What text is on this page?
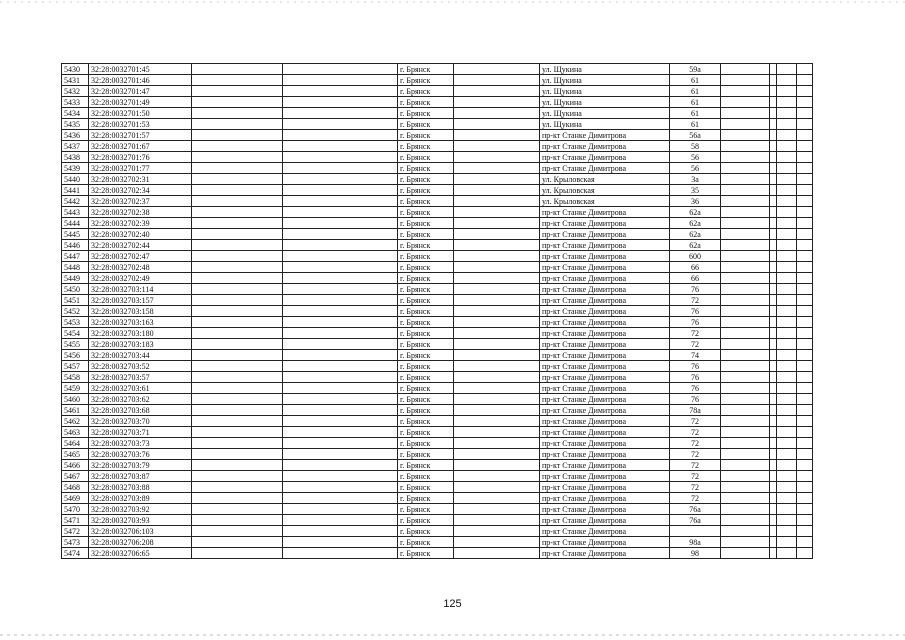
5430	32:28:0032701:45			г. Брянск		ул. Щукина	59а				
5431	32:28:0032701:46			г. Брянск		ул. Щукина	61				
5432	32:28:0032701:47			г. Брянск		ул. Щукина	61				
5433	32:28:0032701:49			г. Брянск		ул. Щукина	61				
5434	32:28:0032701:50			г. Брянск		ул. Щукина	61				
5435	32:28:0032701:53			г. Брянск		ул. Щукина	61				
5436	32:28:0032701:57			г. Брянск		пр-кт Станке Димитрова	56а				
5437	32:28:0032701:67			г. Брянск		пр-кт Станке Димитрова	58				
5438	32:28:0032701:76			г. Брянск		пр-кт Станке Димитрова	56				
5439	32:28:0032701:77			г. Брянск		пр-кт Станке Димитрова	56				
5440	32:28:0032702:31			г. Брянск		ул. Крыловская	3а				
5441	32:28:0032702:34			г. Брянск		ул. Крыловская	35				
5442	32:28:0032702:37			г. Брянск		ул. Крыловская	36				
5443	32:28:0032702:38			г. Брянск		пр-кт Станке Димитрова	62а				
5444	32:28:0032702:39			г. Брянск		пр-кт Станке Димитрова	62а				
5445	32:28:0032702:40			г. Брянск		пр-кт Станке Димитрова	62а				
5446	32:28:0032702:44			г. Брянск		пр-кт Станке Димитрова	62а				
5447	32:28:0032702:47			г. Брянск		пр-кт Станке Димитрова	600				
5448	32:28:0032702:48			г. Брянск		пр-кт Станке Димитрова	66				
5449	32:28:0032702:49			г. Брянск		пр-кт Станке Димитрова	66				
5450	32:28:0032703:114			г. Брянск		пр-кт Станке Димитрова	76				
5451	32:28:0032703:157			г. Брянск		пр-кт Станке Димитрова	72				
5452	32:28:0032703:158			г. Брянск		пр-кт Станке Димитрова	76				
5453	32:28:0032703:163			г. Брянск		пр-кт Станке Димитрова	76				
5454	32:28:0032703:180			г. Брянск		пр-кт Станке Димитрова	72				
5455	32:28:0032703:183			г. Брянск		пр-кт Станке Димитрова	72				
5456	32:28:0032703:44			г. Брянск		пр-кт Станке Димитрова	74				
5457	32:28:0032703:52			г. Брянск		пр-кт Станке Димитрова	76				
5458	32:28:0032703:57			г. Брянск		пр-кт Станке Димитрова	76				
5459	32:28:0032703:61			г. Брянск		пр-кт Станке Димитрова	76				
5460	32:28:0032703:62			г. Брянск		пр-кт Станке Димитрова	76				
5461	32:28:0032703:68			г. Брянск		пр-кт Станке Димитрова	78а				
5462	32:28:0032703:70			г. Брянск		пр-кт Станке Димитрова	72				
5463	32:28:0032703:71			г. Брянск		пр-кт Станке Димитрова	72				
5464	32:28:0032703:73			г. Брянск		пр-кт Станке Димитрова	72				
5465	32:28:0032703:76			г. Брянск		пр-кт Станке Димитрова	72				
5466	32:28:0032703:79			г. Брянск		пр-кт Станке Димитрова	72				
5467	32:28:0032703:87			г. Брянск		пр-кт Станке Димитрова	72				
5468	32:28:0032703:88			г. Брянск		пр-кт Станке Димитрова	72				
5469	32:28:0032703:89			г. Брянск		пр-кт Станке Димитрова	72				
5470	32:28:0032703:92			г. Брянск		пр-кт Станке Димитрова	76а				
5471	32:28:0032703:93			г. Брянск		пр-кт Станке Димитрова	76а				
5472	32:28:0032706:103			г. Брянск		пр-кт Станке Димитрова					
5473	32:28:0032706:208			г. Брянск		пр-кт Станке Димитрова	98а				
5474	32:28:0032706:65			г. Брянск		пр-кт Станке Димитрова	98				
125
